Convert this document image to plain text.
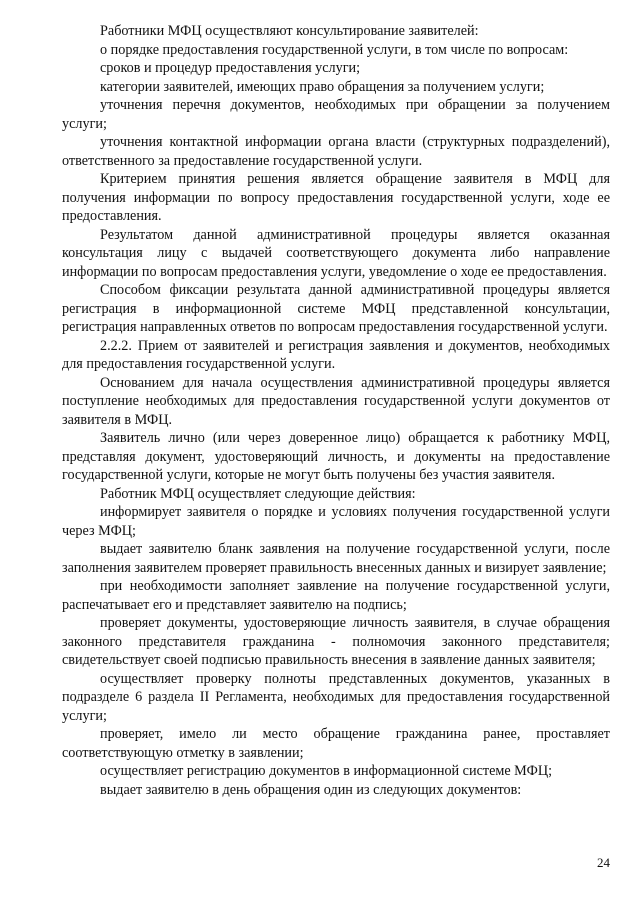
Работники МФЦ осуществляют консультирование заявителей:

о порядке предоставления государственной услуги, в том числе по вопросам:

сроков и процедур предоставления услуги;

категории заявителей, имеющих право обращения за получением услуги;

уточнения перечня документов, необходимых при обращении за получением услуги;

уточнения контактной информации органа власти (структурных подразделений), ответственного за предоставление государственной услуги.

Критерием принятия решения является обращение заявителя в МФЦ для получения информации по вопросу предоставления государственной услуги, ходе ее предоставления.

Результатом данной административной процедуры является оказанная консультация лицу с выдачей соответствующего документа либо направление информации по вопросам предоставления услуги, уведомление о ходе ее предоставления.

Способом фиксации результата данной административной процедуры является регистрация в информационной системе МФЦ представленной консультации, регистрация направленных ответов по вопросам предоставления государственной услуги.

2.2.2. Прием от заявителей и регистрация заявления и документов, необходимых для предоставления государственной услуги.

Основанием для начала осуществления административной процедуры является поступление необходимых для предоставления государственной услуги документов от заявителя в МФЦ.

Заявитель лично (или через доверенное лицо) обращается к работнику МФЦ, представляя документ, удостоверяющий личность, и документы на предоставление государственной услуги, которые не могут быть получены без участия заявителя.

Работник МФЦ осуществляет следующие действия:

информирует заявителя о порядке и условиях получения государственной услуги через МФЦ;

выдает заявителю бланк заявления на получение государственной услуги, после заполнения заявителем проверяет правильность внесенных данных и визирует заявление;

при необходимости заполняет заявление на получение государственной услуги, распечатывает его и представляет заявителю на подпись;

проверяет документы, удостоверяющие личность заявителя, в случае обращения законного представителя гражданина - полномочия законного представителя; свидетельствует своей подписью правильность внесения в заявление данных заявителя;

осуществляет проверку полноты представленных документов, указанных в подразделе 6 раздела II Регламента, необходимых для предоставления государственной услуги;

проверяет, имело ли место обращение гражданина ранее, проставляет соответствующую отметку в заявлении;

осуществляет регистрацию документов в информационной системе МФЦ;

выдает заявителю в день обращения один из следующих документов:

24
